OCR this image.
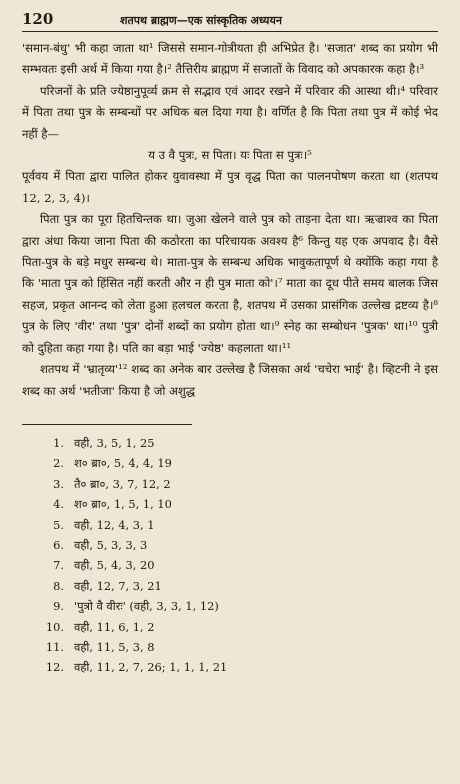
120	शतपथ ब्राह्मण—एक सांस्कृतिक अध्ययन

'समान-बंधु' भी कहा जाता था¹ जिससे समान-गोत्रीयता ही अभिप्रेत है। 'सजात' शब्द का प्रयोग भी सम्भवतः इसी अर्थ में किया गया है।² तैत्तिरीय ब्राह्मण में सजातों के विवाद को अपकारक कहा है।³

परिजनों के प्रति ज्येष्ठानुपूर्व्य क्रम से सद्भाव एवं आदर रखने में परिवार की आस्था थी।⁴ परिवार में पिता तथा पुत्र के सम्बन्धों पर अधिक बल दिया गया है। वर्णित है कि पिता तथा पुत्र में कोई भेद नहीं है—

य उ वै पुत्रः, स पिता। यः पिता स पुत्रः।⁵

पूर्ववय में पिता द्वारा पालित होकर युवावस्था में पुत्र वृद्ध पिता का पालनपोषण करता था (शतपथ 12, 2, 3, 4)।

पिता पुत्र का पूरा हितचिन्तक था। जुआ खेलने वाले पुत्र को ताड़ना देता था। ऋज्राश्व का पिता द्वारा अंधा किया जाना पिता की कठोरता का परिचायक अवश्य है⁶ किन्तु यह एक अपवाद है। वैसे पिता-पुत्र के बड़े मधुर सम्बन्ध थे। माता-पुत्र के सम्बन्ध अधिक भावुकतापूर्ण थे क्योंकि कहा गया है कि 'माता पुत्र को हिंसित नहीं करती और न ही पुत्र माता को'।⁷ माता का दूध पीते समय बालक जिस सहज, प्रकृत आनन्द को लेता हुआ हलचल करता है, शतपथ में उसका प्रासंगिक उल्लेख द्रष्टव्य है।⁸ पुत्र के लिए 'वीर' तथा 'पुत्र' दोनों शब्दों का प्रयोग होता था।⁹ स्नेह का सम्बोधन 'पुत्रक' था।¹⁰ पुत्री को दुहिता कहा गया है। पति का बड़ा भाई 'ज्येष्ठ' कहलाता था।¹¹

शतपथ में 'भ्रातृव्य'¹² शब्द का अनेक बार उल्लेख है जिसका अर्थ 'चचेरा भाई' है। व्हिटनी ने इस शब्द का अर्थ 'भतीजा' किया है जो अशुद्ध

1. वही, 3, 5, 1, 25
2. श० ब्रा०, 5, 4, 4, 19
3. तै० ब्रा०, 3, 7, 12, 2
4. श० ब्रा०, 1, 5, 1, 10
5. वही, 12, 4, 3, 1
6. वही, 5, 3, 3, 3
7. वही, 5, 4, 3, 20
8. वही, 12, 7, 3, 21
9. 'पुत्रो वै वीरः' (वही, 3, 3, 1, 12)
10. वही, 11, 6, 1, 2
11. वही, 11, 5, 3, 8
12. वही, 11, 2, 7, 26; 1, 1, 1, 21
